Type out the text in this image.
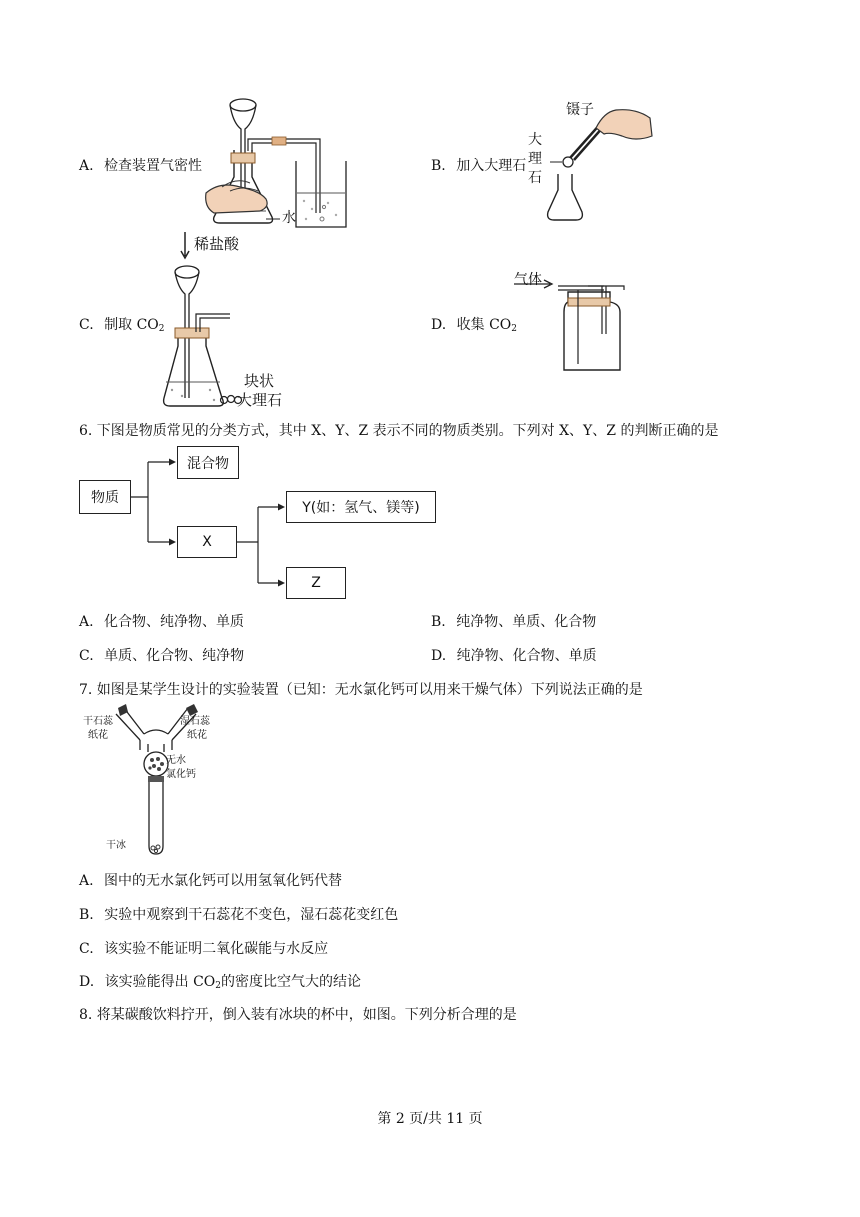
A. 检查装置气密性
水
稀盐酸
B. 加入大理石
镊子
大
理
石
C. 制取 $CO_2$
块状
大理石
D. 收集 $CO_2$
气体
6. 下图是物质常见的分类方式，其中 X、Y、Z 表示不同的物质类别。下列对 X、Y、Z 的判断正确的是
物质
混合物
X
Y(如：氢气、镁等)
Z
A. 化合物、纯净物、单质	B. 纯净物、单质、化合物
C. 单质、化合物、纯净物	D. 纯净物、化合物、单质
7. 如图是某学生设计的实验装置（已知：无水氯化钙可以用来干燥气体）下列说法正确的是
干石蕊
纸花
湿石蕊
纸花
无水
氯化钙
干冰
A. 图中的无水氯化钙可以用氢氧化钙代替
B. 实验中观察到干石蕊花不变色，湿石蕊花变红色
C. 该实验不能证明二氧化碳能与水反应
D. 该实验能得出 $CO_2$的密度比空气大的结论
8. 将某碳酸饮料拧开，倒入装有冰块的杯中，如图。下列分析合理的是
第 2 页/共 11 页
